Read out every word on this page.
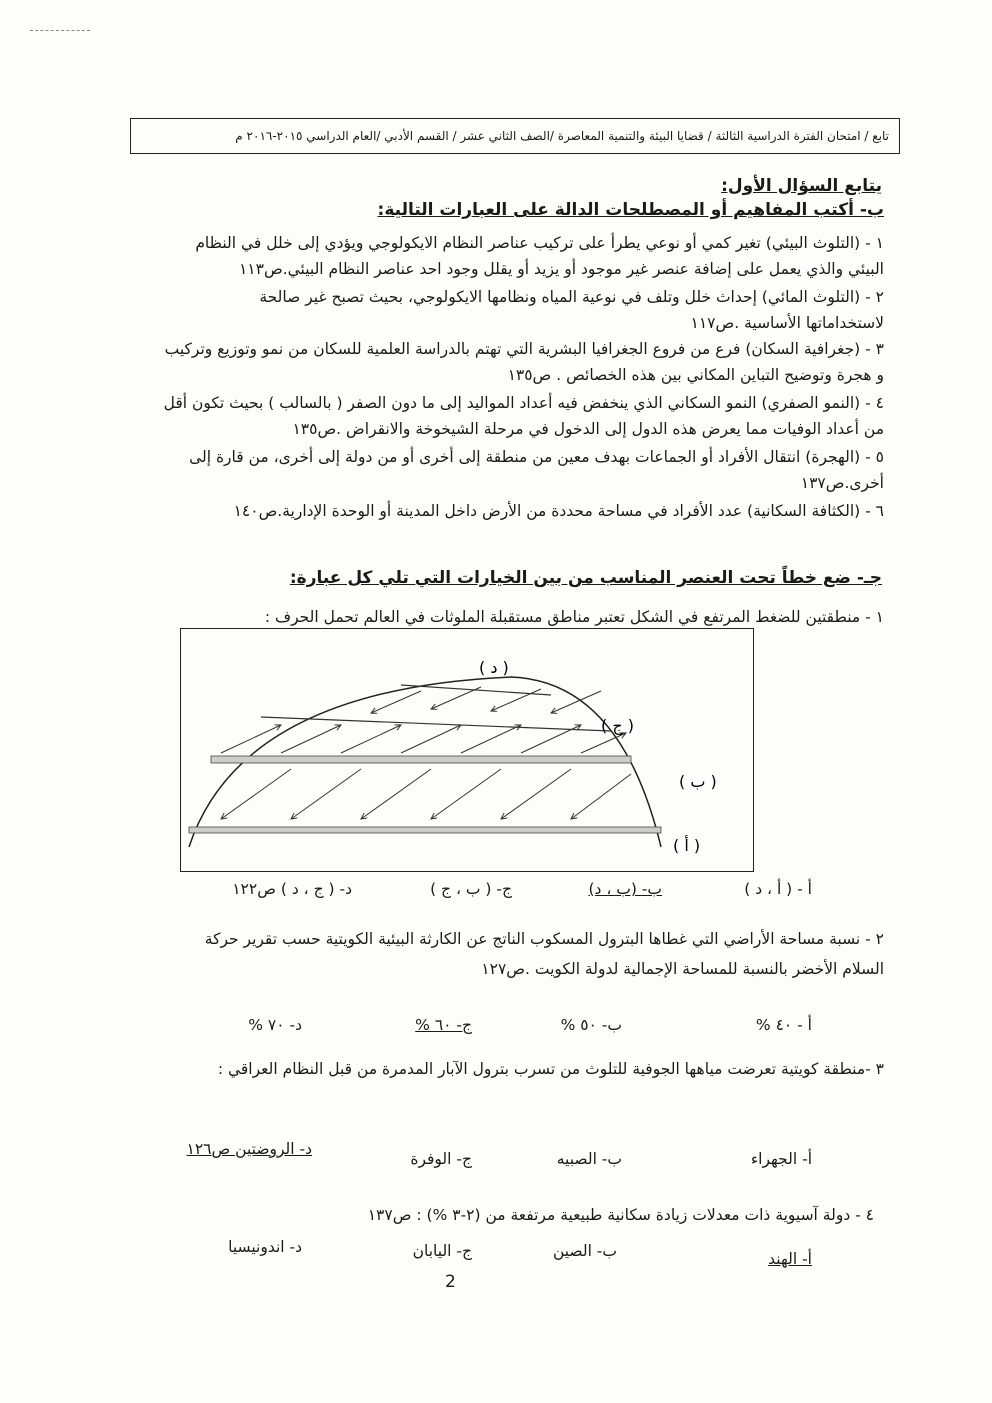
تابع / امتحان الفترة الدراسية الثالثة / قضايا البيئة والتنمية المعاصرة /الصف الثاني عشر / القسم الأدبي /العام الدراسي ٢٠١٥-٢٠١٦ م
يتابع السؤال الأول:
ب- أكتب المفاهيم أو المصطلحات الدالة على العبارات التالية:
١ - (التلوث البيئي) تغير كمي أو نوعي يطرأ على تركيب عناصر النظام الايكولوجي ويؤدي إلى خلل في النظام
البيئي والذي يعمل على إضافة عنصر غير موجود أو يزيد أو يقلل وجود احد عناصر النظام البيئي.ص١١٣
٢ - (التلوث المائي) إحداث خلل وتلف في نوعية المياه ونظامها الايكولوجي، بحيث تصبح غير صالحة
لاستخداماتها الأساسية .ص١١٧
٣ - (جغرافية السكان) فرع من فروع الجغرافيا البشرية التي تهتم بالدراسة العلمية للسكان من نمو وتوزيع وتركيب
و هجرة وتوضيح التباين المكاني بين هذه الخصائص . ص١٣٥
٤ - (النمو الصفري) النمو السكاني الذي ينخفض فيه أعداد المواليد إلى ما دون الصفر ( بالسالب ) بحيث تكون أقل
من أعداد الوفيات مما يعرض هذه الدول إلى الدخول في مرحلة الشيخوخة والانقراض .ص١٣٥
٥ - (الهجرة) انتقال الأفراد أو الجماعات بهدف معين من منطقة إلى أخرى أو من دولة إلى أخرى، من قارة إلى
أخرى.ص١٣٧
٦ - (الكثافة السكانية) عدد الأفراد في مساحة محددة من الأرض داخل المدينة أو الوحدة الإدارية.ص١٤٠
جـ- ضع خطاً تحت العنصر المناسب من بين الخيارات التي تلي كل عبارة:
١ - منطقتين للضغط المرتفع في الشكل تعتبر مناطق مستقبلة الملوثات في العالم تحمل الحرف :
( د )
( ج )
( ب )
( أ )
أ - ( أ ، د )
ب- (ب ، د)
ج- ( ب ، ج )
د- ( ج ، د ) ص١٢٢
٢ - نسبة مساحة الأراضي التي غطاها البترول المسكوب الناتج عن الكارثة البيئية الكويتية حسب تقرير حركة
السلام الأخضر بالنسبة للمساحة الإجمالية لدولة الكويت .ص١٢٧
أ - ٤٠ %
ب- ٥٠ %
ج- ٦٠ %
د- ٧٠ %
٣ -منطقة كويتية تعرضت مياهها الجوفية للتلوث من تسرب بترول الآبار المدمرة من قبل النظام العراقي :
أ- الجهراء
ب- الصبيه
ج- الوفرة
د- الروضتين ص١٢٦
٤ - دولة آسيوية ذات معدلات زيادة سكانية طبيعية مرتفعة من (٢-٣ %) : ص١٣٧
أ- الهند
ب- الصين
ج- اليابان
د- اندونيسيا
2
